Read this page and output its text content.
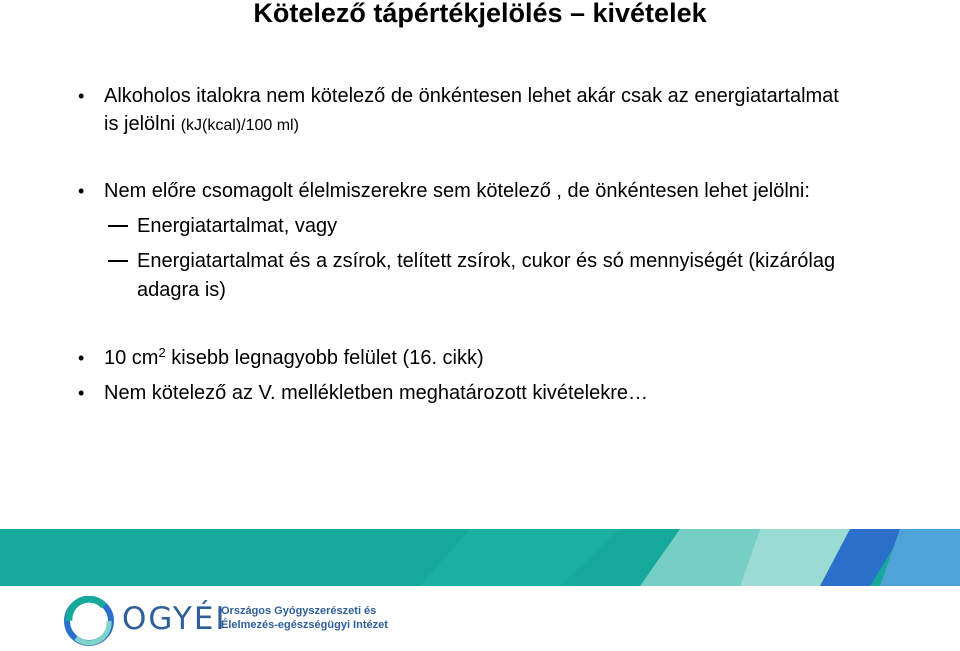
Kötelező tápértékjelölés – kivételek
• Alkoholos italokra nem kötelező de önkéntesen lehet akár csak az energiatartalmat
is jelölni (kJ(kcal)/100 ml)
• Nem előre csomagolt élelmiszerekre sem kötelező , de önkéntesen lehet jelölni:
Energiatartalmat, vagy
Energiatartalmat és a zsírok, telített zsírok, cukor és só mennyiségét (kizárólag
adagra is)
• 10 $cm^2$ kisebb legnagyobb felület (16. cikk)
• Nem kötelező az V. mellékletben meghatározott kivételekre…
OGYÉI
Országos Gyógyszerészeti és
Élelmezés-egészségügyi Intézet
